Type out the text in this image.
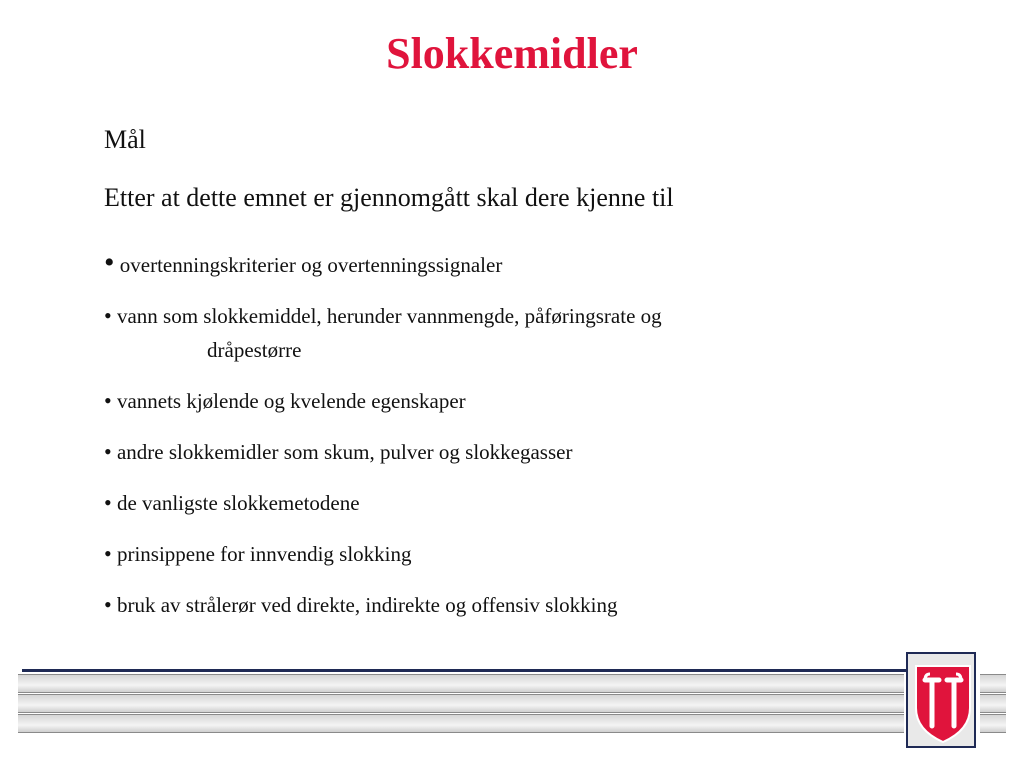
Slokkemidler
Mål
Etter at dette emnet er gjennomgått skal dere kjenne til
• overtenningskriterier og overtenningssignaler
• vann som slokkemiddel, herunder vannmengde, påføringsrate og
dråpestørre
• vannets kjølende og kvelende egenskaper
• andre slokkemidler som skum, pulver og slokkegasser
• de vanligste slokkemetodene
• prinsippene for innvendig slokking
• bruk av strålerør ved direkte, indirekte og offensiv slokking
